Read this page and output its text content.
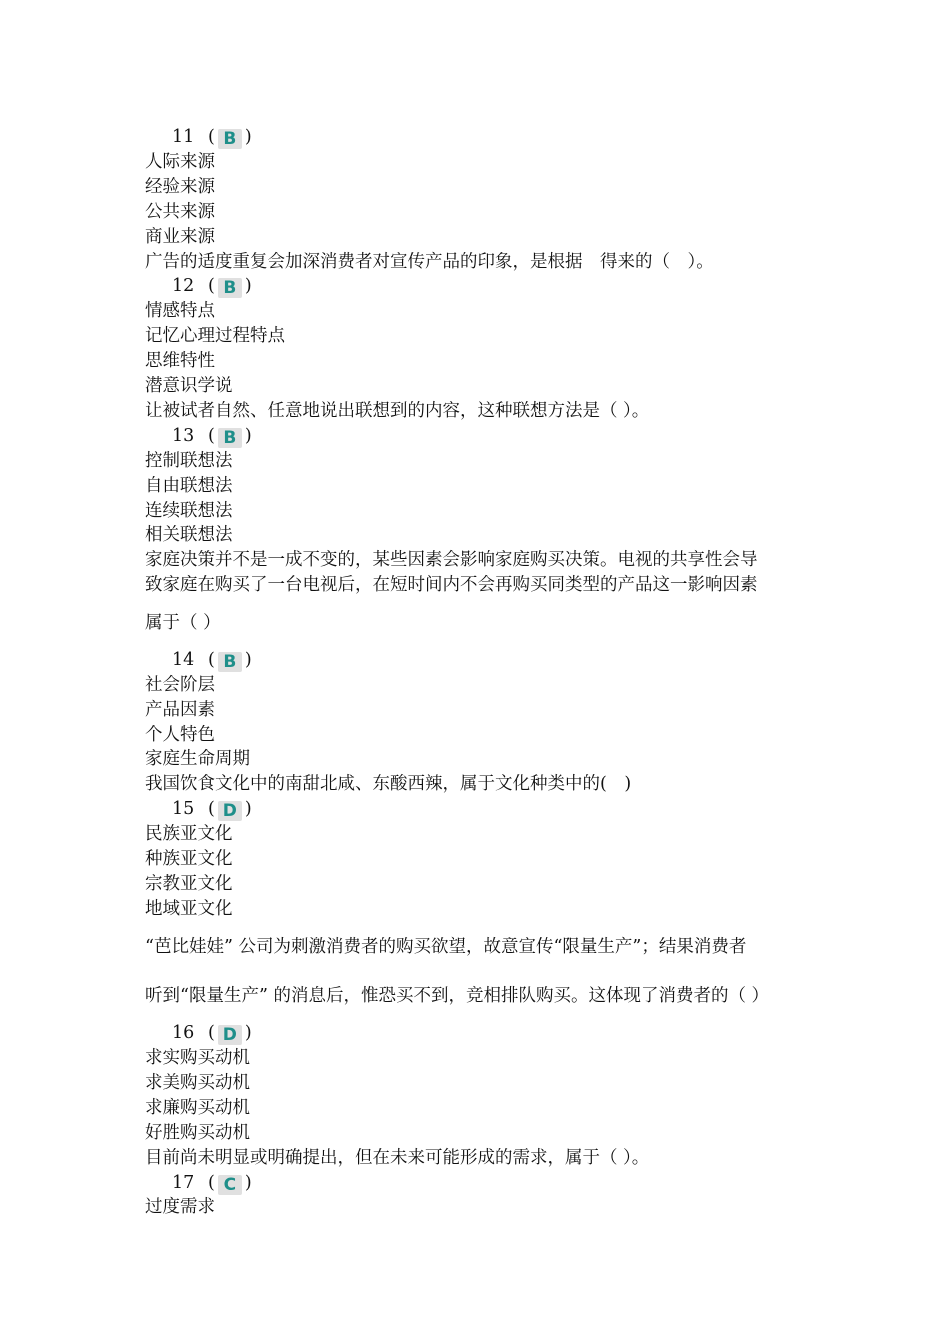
11 ( B )
人际来源
经验来源
公共来源
商业来源
广告的适度重复会加深消费者对宣传产品的印象，是根据　得来的（　）。
12 ( B )
情感特点
记忆心理过程特点
思维特性
潜意识学说
让被试者自然、任意地说出联想到的内容，这种联想方法是（ ）。
13 ( B )
控制联想法
自由联想法
连续联想法
相关联想法
家庭决策并不是一成不变的，某些因素会影响家庭购买决策。电视的共享性会导
致家庭在购买了一台电视后，在短时间内不会再购买同类型的产品这一影响因素
属于（ ）
14 ( B )
社会阶层
产品因素
个人特色
家庭生命周期
我国饮食文化中的南甜北咸、东酸西辣，属于文化种类中的(　)
15 ( D )
民族亚文化
种族亚文化
宗教亚文化
地域亚文化
“芭比娃娃” 公司为刺激消费者的购买欲望，故意宣传“限量生产”；结果消费者
听到“限量生产” 的消息后，惟恐买不到，竞相排队购买。这体现了消费者的（ ）
16 ( D )
求实购买动机
求美购买动机
求廉购买动机
好胜购买动机
目前尚未明显或明确提出，但在未来可能形成的需求，属于（ ）。
17 ( C )
过度需求
